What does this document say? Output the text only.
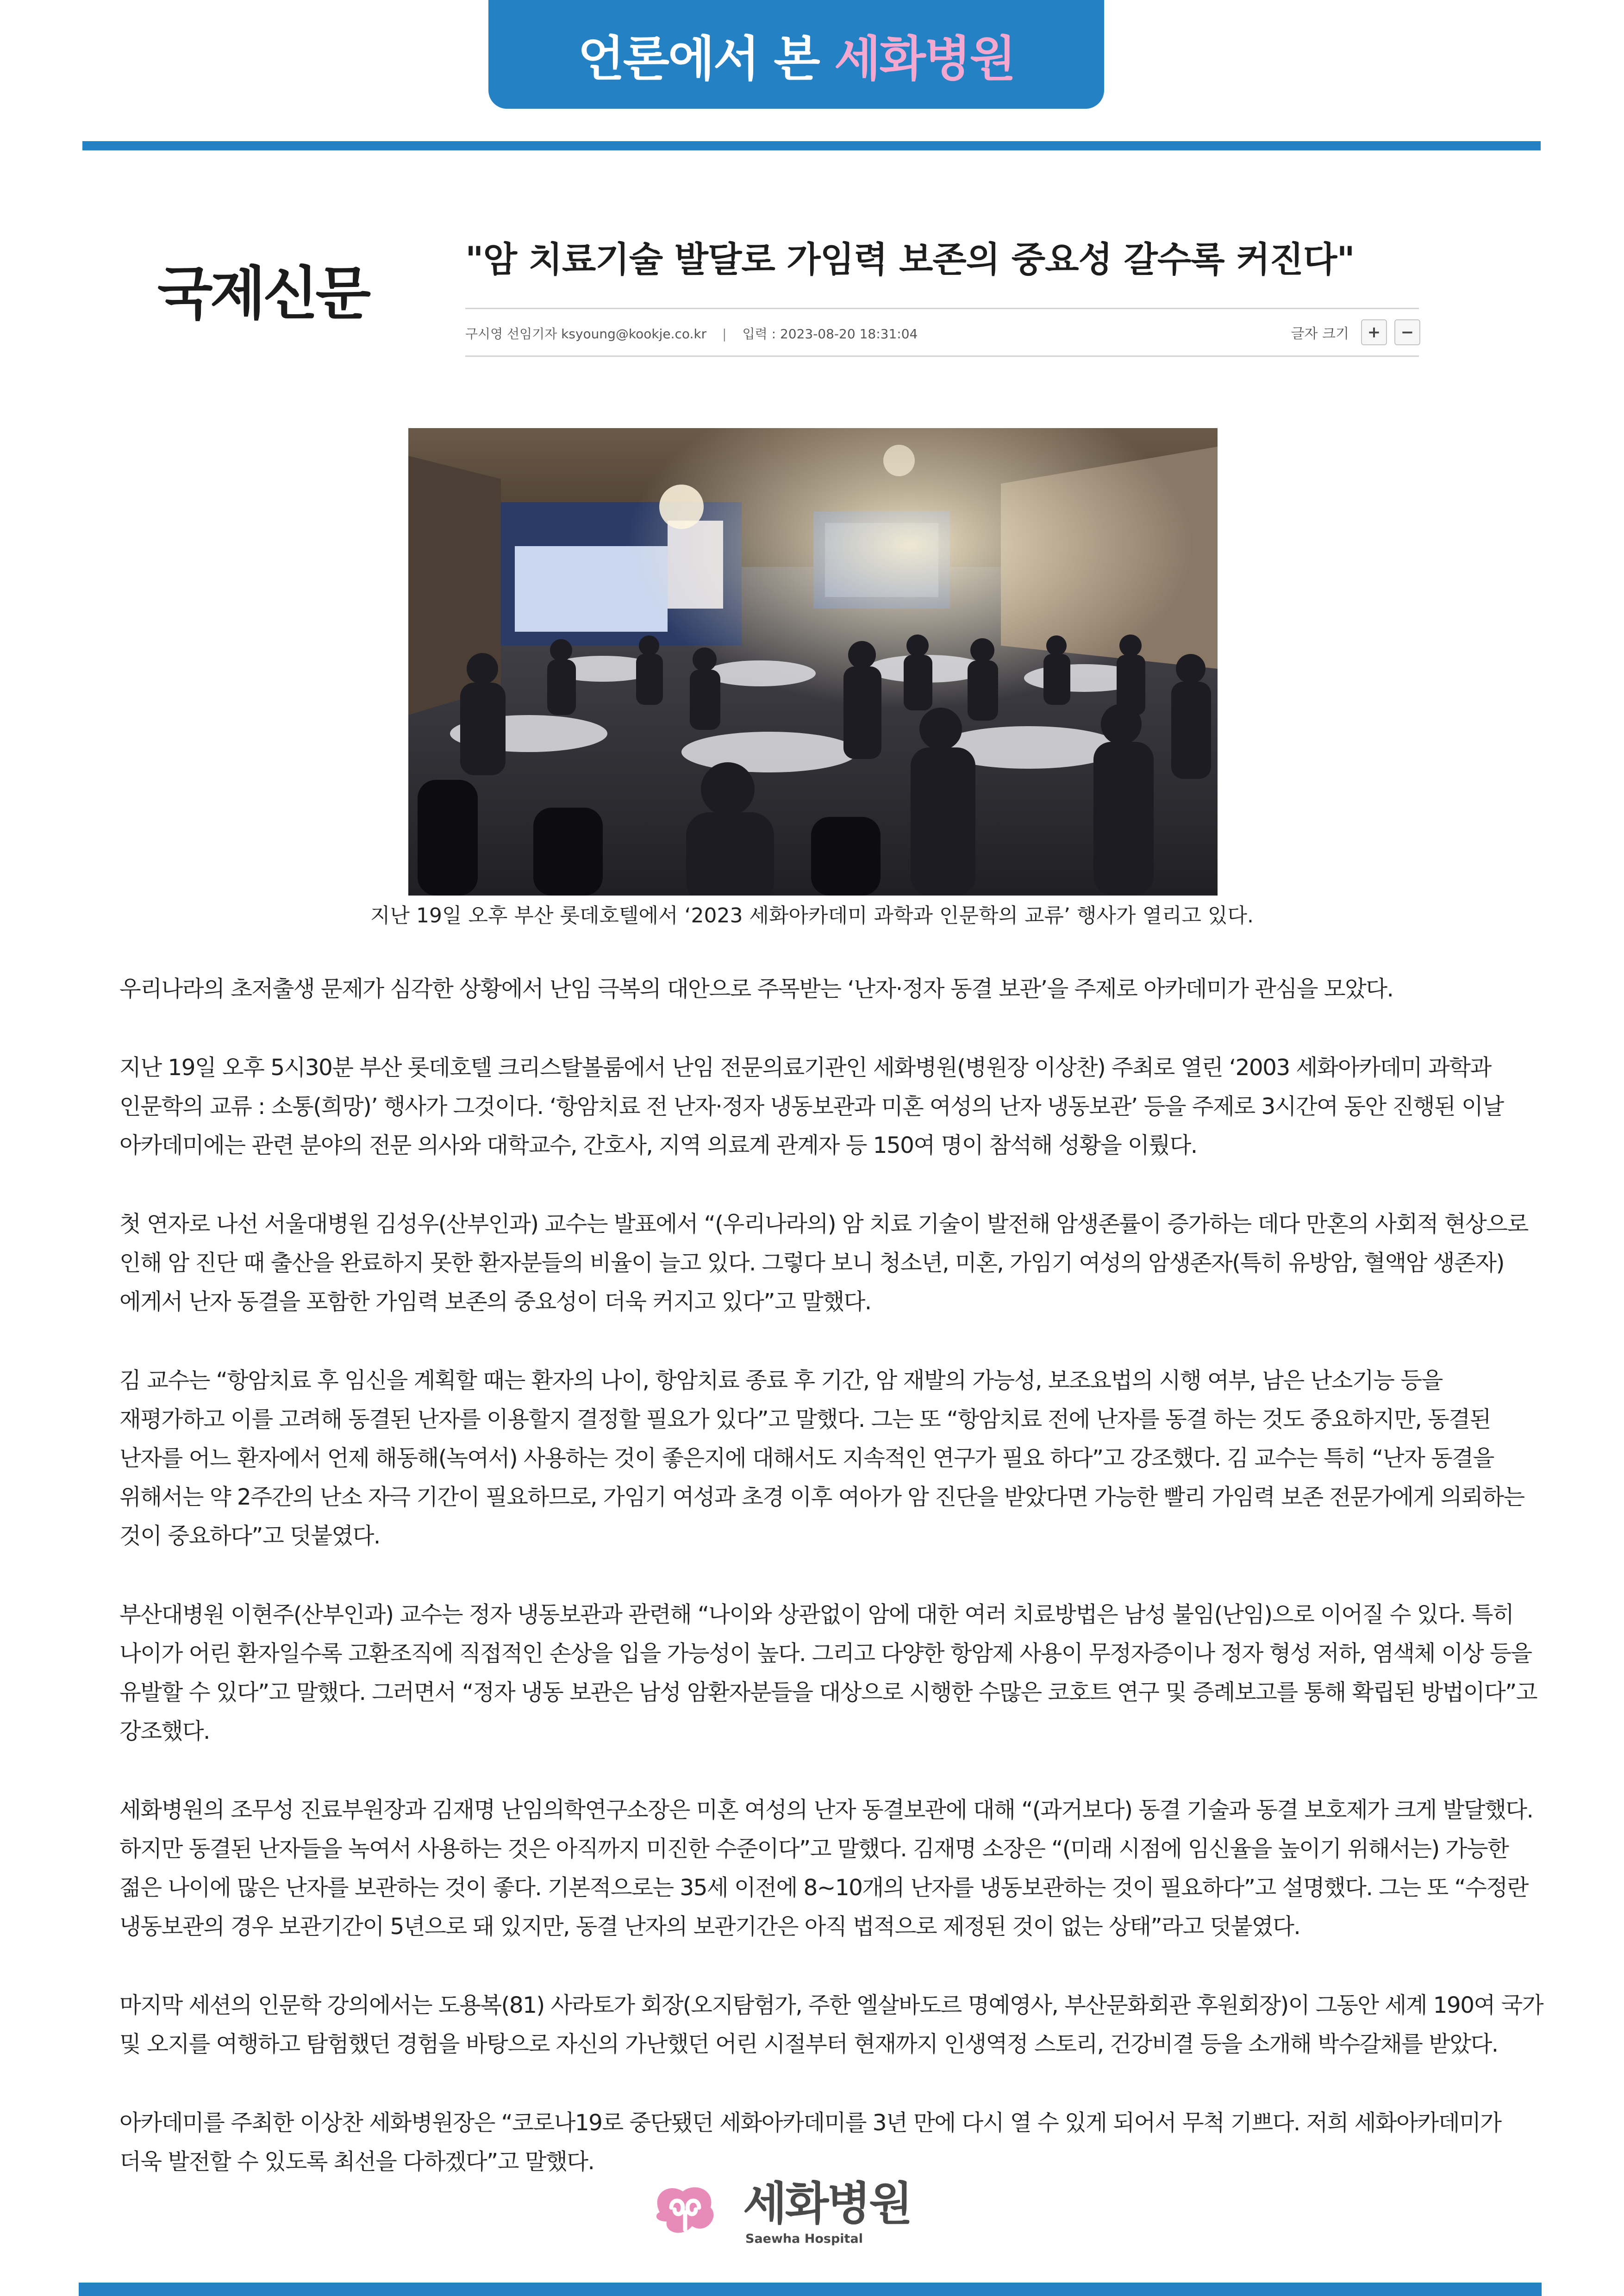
언론에서 본 세화병원
국제신문
"암 치료기술 발달로 가임력 보존의 중요성 갈수록 커진다"
구시영 선임기자 ksyoung@kookje.co.kr | 입력 : 2023-08-20 18:31:04	글자 크기	+	−
지난 19일 오후 부산 롯데호텔에서 ‘2023 세화아카데미 과학과 인문학의 교류’ 행사가 열리고 있다.

우리나라의 초저출생 문제가 심각한 상황에서 난임 극복의 대안으로 주목받는 ‘난자·정자 동결 보관’을 주제로 아카데미가 관심을 모았다.

지난 19일 오후 5시30분 부산 롯데호텔 크리스탈볼룸에서 난임 전문의료기관인 세화병원(병원장 이상찬) 주최로 열린 ‘2003 세화아카데미 과학과 인문학의 교류 : 소통(희망)’ 행사가 그것이다. ‘항암치료 전 난자·정자 냉동보관과 미혼 여성의 난자 냉동보관’ 등을 주제로 3시간여 동안 진행된 이날 아카데미에는 관련 분야의 전문 의사와 대학교수, 간호사, 지역 의료계 관계자 등 150여 명이 참석해 성황을 이뤘다.

첫 연자로 나선 서울대병원 김성우(산부인과) 교수는 발표에서 “(우리나라의) 암 치료 기술이 발전해 암생존률이 증가하는 데다 만혼의 사회적 현상으로 인해 암 진단 때 출산을 완료하지 못한 환자분들의 비율이 늘고 있다. 그렇다 보니 청소년, 미혼, 가임기 여성의 암생존자(특히 유방암, 혈액암 생존자)에게서 난자 동결을 포함한 가임력 보존의 중요성이 더욱 커지고 있다”고 말했다.

김 교수는 “항암치료 후 임신을 계획할 때는 환자의 나이, 항암치료 종료 후 기간, 암 재발의 가능성, 보조요법의 시행 여부, 남은 난소기능 등을 재평가하고 이를 고려해 동결된 난자를 이용할지 결정할 필요가 있다”고 말했다. 그는 또 “항암치료 전에 난자를 동결 하는 것도 중요하지만, 동결된 난자를 어느 환자에서 언제 해동해(녹여서) 사용하는 것이 좋은지에 대해서도 지속적인 연구가 필요 하다”고 강조했다. 김 교수는 특히 “난자 동결을 위해서는 약 2주간의 난소 자극 기간이 필요하므로, 가임기 여성과 초경 이후 여아가 암 진단을 받았다면 가능한 빨리 가임력 보존 전문가에게 의뢰하는 것이 중요하다”고 덧붙였다.

부산대병원 이현주(산부인과) 교수는 정자 냉동보관과 관련해 “나이와 상관없이 암에 대한 여러 치료방법은 남성 불임(난임)으로 이어질 수 있다. 특히 나이가 어린 환자일수록 고환조직에 직접적인 손상을 입을 가능성이 높다. 그리고 다양한 항암제 사용이 무정자증이나 정자 형성 저하, 염색체 이상 등을 유발할 수 있다”고 말했다. 그러면서 “정자 냉동 보관은 남성 암환자분들을 대상으로 시행한 수많은 코호트 연구 및 증례보고를 통해 확립된 방법이다”고 강조했다.

세화병원의 조무성 진료부원장과 김재명 난임의학연구소장은 미혼 여성의 난자 동결보관에 대해 “(과거보다) 동결 기술과 동결 보호제가 크게 발달했다. 하지만 동결된 난자들을 녹여서 사용하는 것은 아직까지 미진한 수준이다”고 말했다. 김재명 소장은 “(미래 시점에 임신율을 높이기 위해서는) 가능한 젊은 나이에 많은 난자를 보관하는 것이 좋다. 기본적으로는 35세 이전에 8~10개의 난자를 냉동보관하는 것이 필요하다”고 설명했다. 그는 또 “수정란 냉동보관의 경우 보관기간이 5년으로 돼 있지만, 동결 난자의 보관기간은 아직 법적으로 제정된 것이 없는 상태”라고 덧붙였다.

마지막 세션의 인문학 강의에서는 도용복(81) 사라토가 회장(오지탐험가, 주한 엘살바도르 명예영사, 부산문화회관 후원회장)이 그동안 세계 190여 국가 및 오지를 여행하고 탐험했던 경험을 바탕으로 자신의 가난했던 어린 시절부터 현재까지 인생역정 스토리, 건강비결 등을 소개해 박수갈채를 받았다.

아카데미를 주최한 이상찬 세화병원장은 “코로나19로 중단됐던 세화아카데미를 3년 만에 다시 열 수 있게 되어서 무척 기쁘다. 저희 세화아카데미가 더욱 발전할 수 있도록 최선을 다하겠다”고 말했다.

세화병원
Saewha Hospital
